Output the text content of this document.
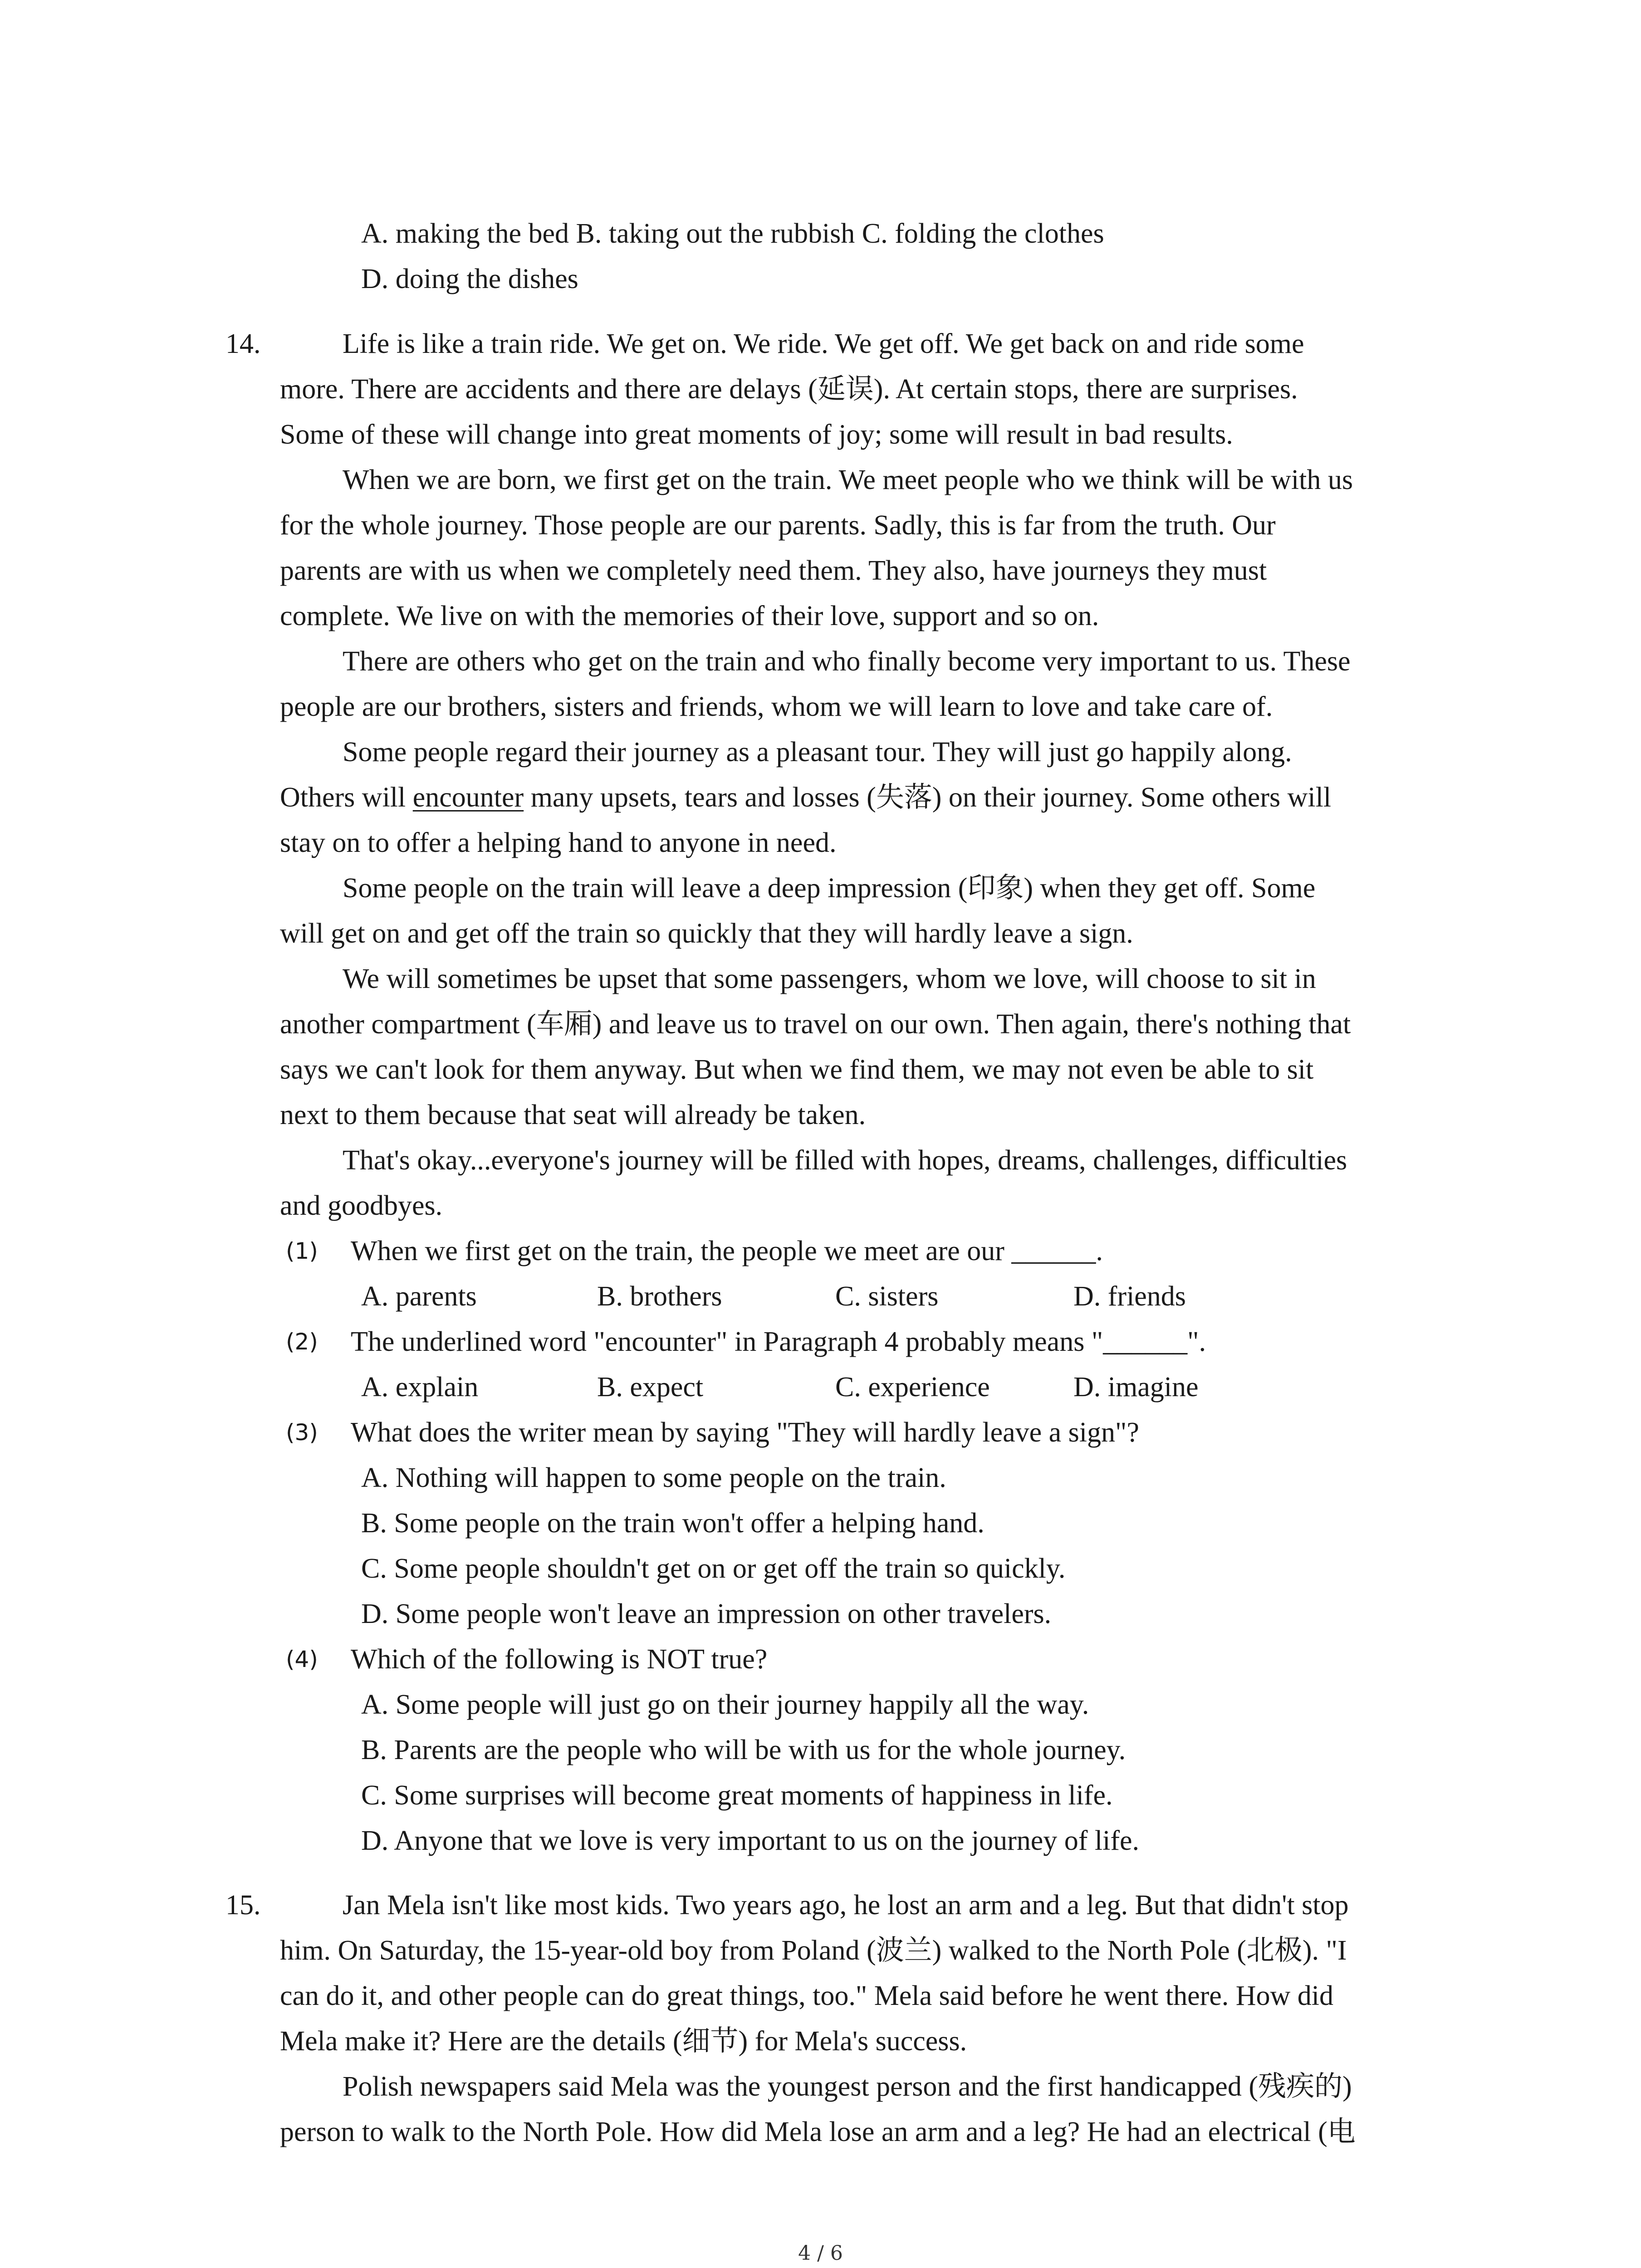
A. making the bed B. taking out the rubbish C. folding the clothes
D. doing the dishes
14.	Life is like a train ride. We get on. We ride. We get off. We get back on and ride some
more. There are accidents and there are delays (延误). At certain stops, there are surprises.
Some of these will change into great moments of joy; some will result in bad results.
When we are born, we first get on the train. We meet people who we think will be with us
for the whole journey. Those people are our parents. Sadly, this is far from the truth. Our
parents are with us when we completely need them. They also, have journeys they must
complete. We live on with the memories of their love, support and so on.
There are others who get on the train and who finally become very important to us. These
people are our brothers, sisters and friends, whom we will learn to love and take care of.
Some people regard their journey as a pleasant tour. They will just go happily along.
Others will encounter many upsets, tears and losses (失落) on their journey. Some others will
stay on to offer a helping hand to anyone in need.
Some people on the train will leave a deep impression (印象) when they get off. Some
will get on and get off the train so quickly that they will hardly leave a sign.
We will sometimes be upset that some passengers, whom we love, will choose to sit in
another compartment (车厢) and leave us to travel on our own. Then again, there's nothing that
says we can't look for them anyway. But when we find them, we may not even be able to sit
next to them because that seat will already be taken.
That's okay...everyone's journey will be filled with hopes, dreams, challenges, difficulties
and goodbyes.
(1) When we first get on the train, the people we meet are our ______.
A. parents	B. brothers	C. sisters	D. friends
(2) The underlined word "encounter" in Paragraph 4 probably means "______".
A. explain	B. expect	C. experience	D. imagine
(3) What does the writer mean by saying "They will hardly leave a sign"?
A. Nothing will happen to some people on the train.
B. Some people on the train won't offer a helping hand.
C. Some people shouldn't get on or get off the train so quickly.
D. Some people won't leave an impression on other travelers.
(4) Which of the following is NOT true?
A. Some people will just go on their journey happily all the way.
B. Parents are the people who will be with us for the whole journey.
C. Some surprises will become great moments of happiness in life.
D. Anyone that we love is very important to us on the journey of life.
15.	Jan Mela isn't like most kids. Two years ago, he lost an arm and a leg. But that didn't stop
him. On Saturday, the 15-year-old boy from Poland (波兰) walked to the North Pole (北极). "I
can do it, and other people can do great things, too." Mela said before he went there. How did
Mela make it? Here are the details (细节) for Mela's success.
Polish newspapers said Mela was the youngest person and the first handicapped (残疾的)
person to walk to the North Pole. How did Mela lose an arm and a leg? He had an electrical (电
4 / 6
